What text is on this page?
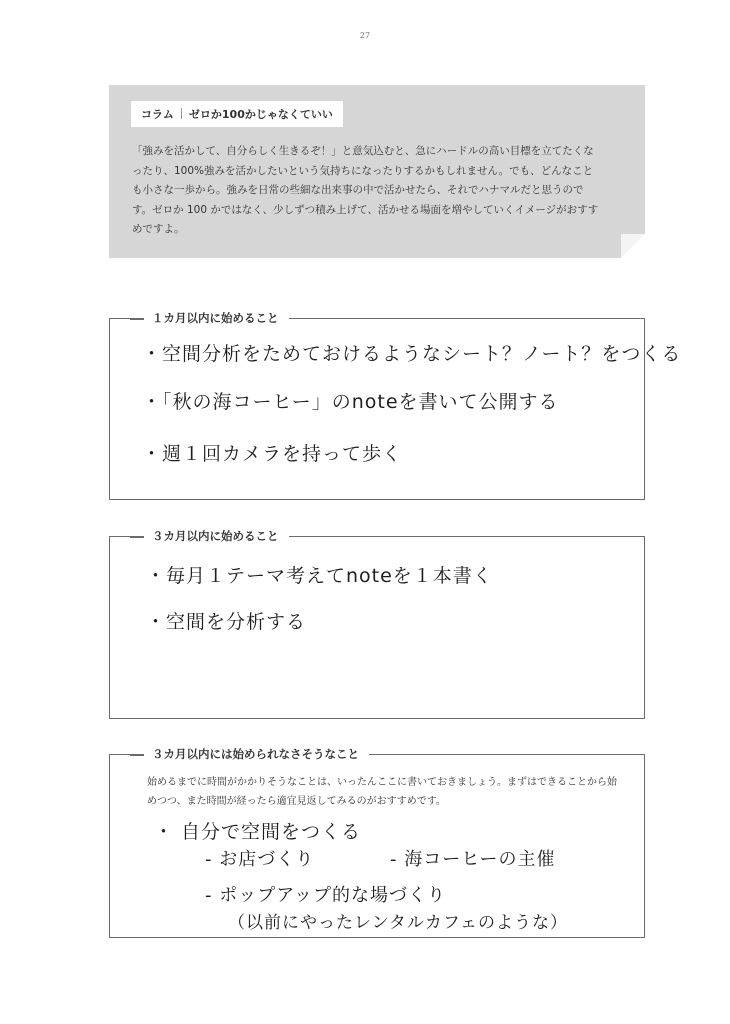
27
コラム ゼロか100かじゃなくていい
「強みを活かして、自分らしく生きるぞ！」と意気込むと、急にハードルの高い目標を立てたくなったり、100%強みを活かしたいという気持ちになったりするかもしれません。でも、どんなことも小さな一歩から。強みを日常の些細な出来事の中で活かせたら、それでハナマルだと思うのです。ゼロか 100 かではなく、少しずつ積み上げて、活かせる場面を増やしていくイメージがおすすめですよ。
１カ月以内に始めること
・空間分析をためておけるようなシート？ノート？をつくる
・「秋の海コーヒー」のnoteを書いて公開する
・週１回カメラを持って歩く
３カ月以内に始めること
・毎月１テーマ考えてnoteを１本書く
・空間を分析する
３カ月以内には始められなさそうなこと
始めるまでに時間がかかりそうなことは、いったんここに書いておきましょう。まずはできることから始めつつ、また時間が経ったら適宜見返してみるのがおすすめです。
・ 自分で空間をつくる
- お店づくり	- 海コーヒーの主催
- ポップアップ的な場づくり
（以前にやったレンタルカフェのような）
